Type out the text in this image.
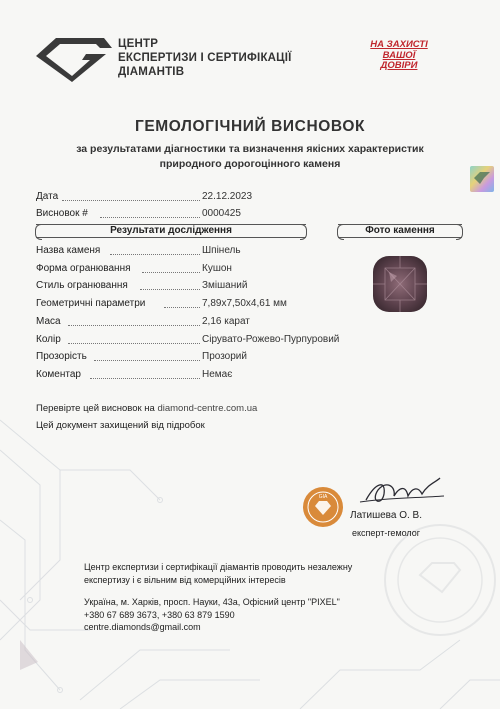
ЦЕНТР
ЕКСПЕРТИЗИ І СЕРТИФІКАЦІЇ
ДІАМАНТІВ
НА ЗАХИСТІ
ВАШОЇ
ДОВІРИ
ГЕМОЛОГІЧНИЙ ВИСНОВОК
за результатами діагностики та визначення якісних характеристик
природного дорогоцінного каменя
Дата	22.12.2023
Висновок #	0000425
Результати дослідження	Фото камення
Назва каменя	Шпінель
Форма огранювання	Кушон
Стиль огранювання	Змішаний
Геометричні параметри	7,89x7,50x4,61 мм
Маса	2,16 карат
Колір	Сірувато-Рожево-Пурпуровий
Прозорість	Прозорий
Коментар	Немає
Перевірте цей висновок на diamond-centre.com.ua
Цей документ захищений від підробок
GIA
Латишева О. В.
експерт-гемолог
Центр експертизи і сертифікації діамантів проводить незалежну
експертизу і є вільним від комерційних інтересів
Україна, м. Харків, просп. Науки, 43а, Офісний центр "PIXEL"
+380 67 689 3673, +380 63 879 1590
centre.diamonds@gmail.com
